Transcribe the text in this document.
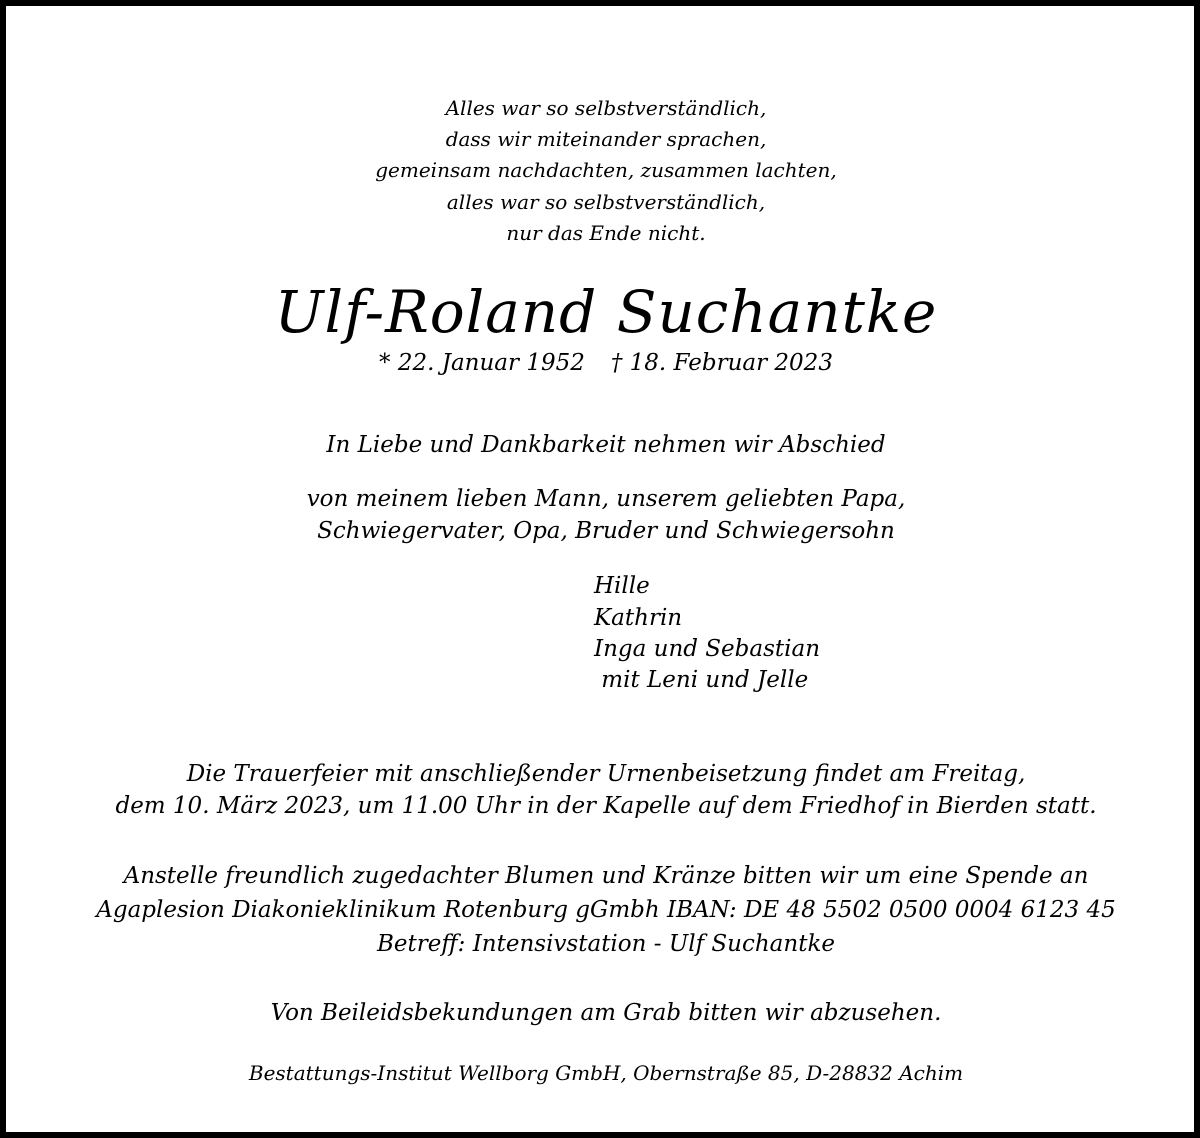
Alles war so selbstverständlich,
dass wir miteinander sprachen,
gemeinsam nachdachten, zusammen lachten,
alles war so selbstverständlich,
nur das Ende nicht.
Ulf-Roland Suchantke
* 22. Januar 1952 † 18. Februar 2023
In Liebe und Dankbarkeit nehmen wir Abschied
von meinem lieben Mann, unserem geliebten Papa,
Schwiegervater, Opa, Bruder und Schwiegersohn
Hille
Kathrin
Inga und Sebastian
mit Leni und Jelle
Die Trauerfeier mit anschließender Urnenbeisetzung findet am Freitag,
dem 10. März 2023, um 11.00 Uhr in der Kapelle auf dem Friedhof in Bierden statt.
Anstelle freundlich zugedachter Blumen und Kränze bitten wir um eine Spende an
Agaplesion Diakonieklinikum Rotenburg gGmbh IBAN: DE 48 5502 0500 0004 6123 45
Betreff: Intensivstation - Ulf Suchantke
Von Beileidsbekundungen am Grab bitten wir abzusehen.
Bestattungs-Institut Wellborg GmbH, Obernstraße 85, D-28832 Achim
